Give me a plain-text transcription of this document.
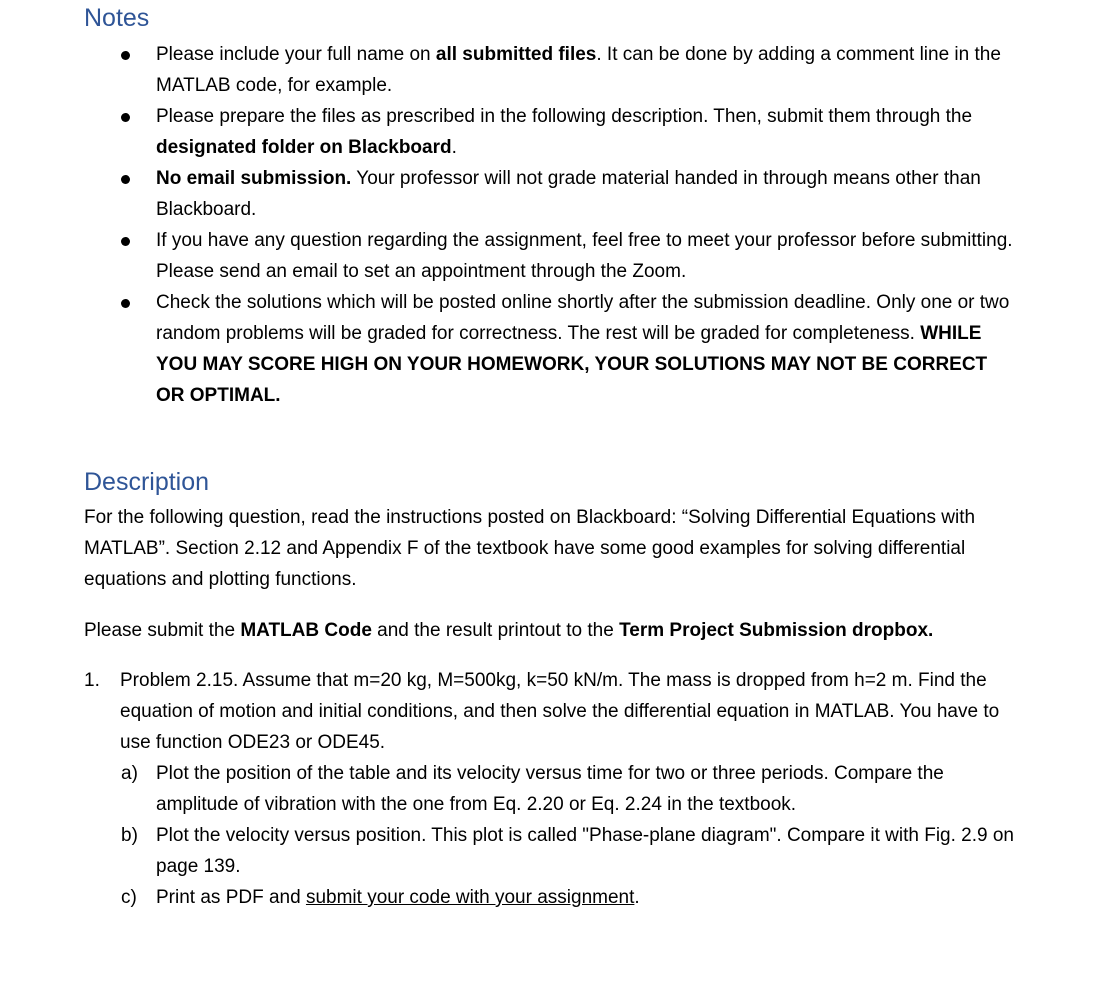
Notes
Please include your full name on all submitted files. It can be done by adding a comment line in the MATLAB code, for example.
Please prepare the files as prescribed in the following description. Then, submit them through the designated folder on Blackboard.
No email submission. Your professor will not grade material handed in through means other than Blackboard.
If you have any question regarding the assignment, feel free to meet your professor before submitting. Please send an email to set an appointment through the Zoom.
Check the solutions which will be posted online shortly after the submission deadline. Only one or two random problems will be graded for correctness. The rest will be graded for completeness. WHILE YOU MAY SCORE HIGH ON YOUR HOMEWORK, YOUR SOLUTIONS MAY NOT BE CORRECT OR OPTIMAL.
Description

For the following question, read the instructions posted on Blackboard: “Solving Differential Equations with MATLAB”. Section 2.12 and Appendix F of the textbook have some good examples for solving differential equations and plotting functions.

Please submit the MATLAB Code and the result printout to the Term Project Submission dropbox.

1. Problem 2.15. Assume that m=20 kg, M=500kg, k=50 kN/m. The mass is dropped from h=2 m. Find the equation of motion and initial conditions, and then solve the differential equation in MATLAB. You have to use function ODE23 or ODE45.
a) Plot the position of the table and its velocity versus time for two or three periods. Compare the amplitude of vibration with the one from Eq. 2.20 or Eq. 2.24 in the textbook.
b) Plot the velocity versus position. This plot is called "Phase-plane diagram". Compare it with Fig. 2.9 on page 139.
c) Print as PDF and submit your code with your assignment.
